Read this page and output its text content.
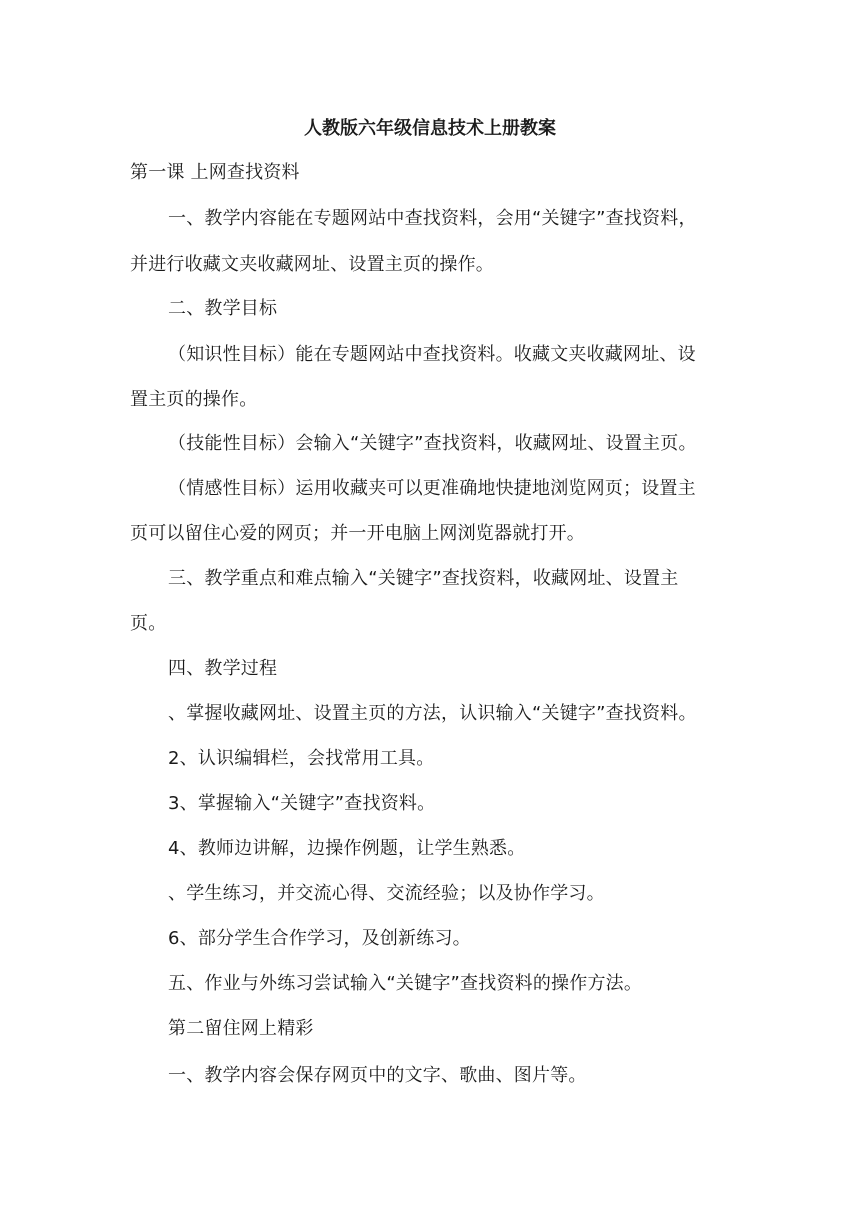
人教版六年级信息技术上册教案
第一课 上网查找资料
一、教学内容能在专题网站中查找资料，会用“关键字”查找资料，
并进行收藏文夹收藏网址、设置主页的操作。
二、教学目标
（知识性目标）能在专题网站中查找资料。收藏文夹收藏网址、设
置主页的操作。
（技能性目标）会输入“关键字”查找资料，收藏网址、设置主页。
（情感性目标）运用收藏夹可以更准确地快捷地浏览网页；设置主
页可以留住心爱的网页；并一开电脑上网浏览器就打开。
三、教学重点和难点输入“关键字”查找资料，收藏网址、设置主
页。
四、教学过程
、掌握收藏网址、设置主页的方法，认识输入“关键字”查找资料。
2、认识编辑栏，会找常用工具。
3、掌握输入“关键字”查找资料。
4、教师边讲解，边操作例题，让学生熟悉。
、学生练习，并交流心得、交流经验；以及协作学习。
6、部分学生合作学习，及创新练习。
五、作业与外练习尝试输入“关键字”查找资料的操作方法。
第二留住网上精彩
一、教学内容会保存网页中的文字、歌曲、图片等。
